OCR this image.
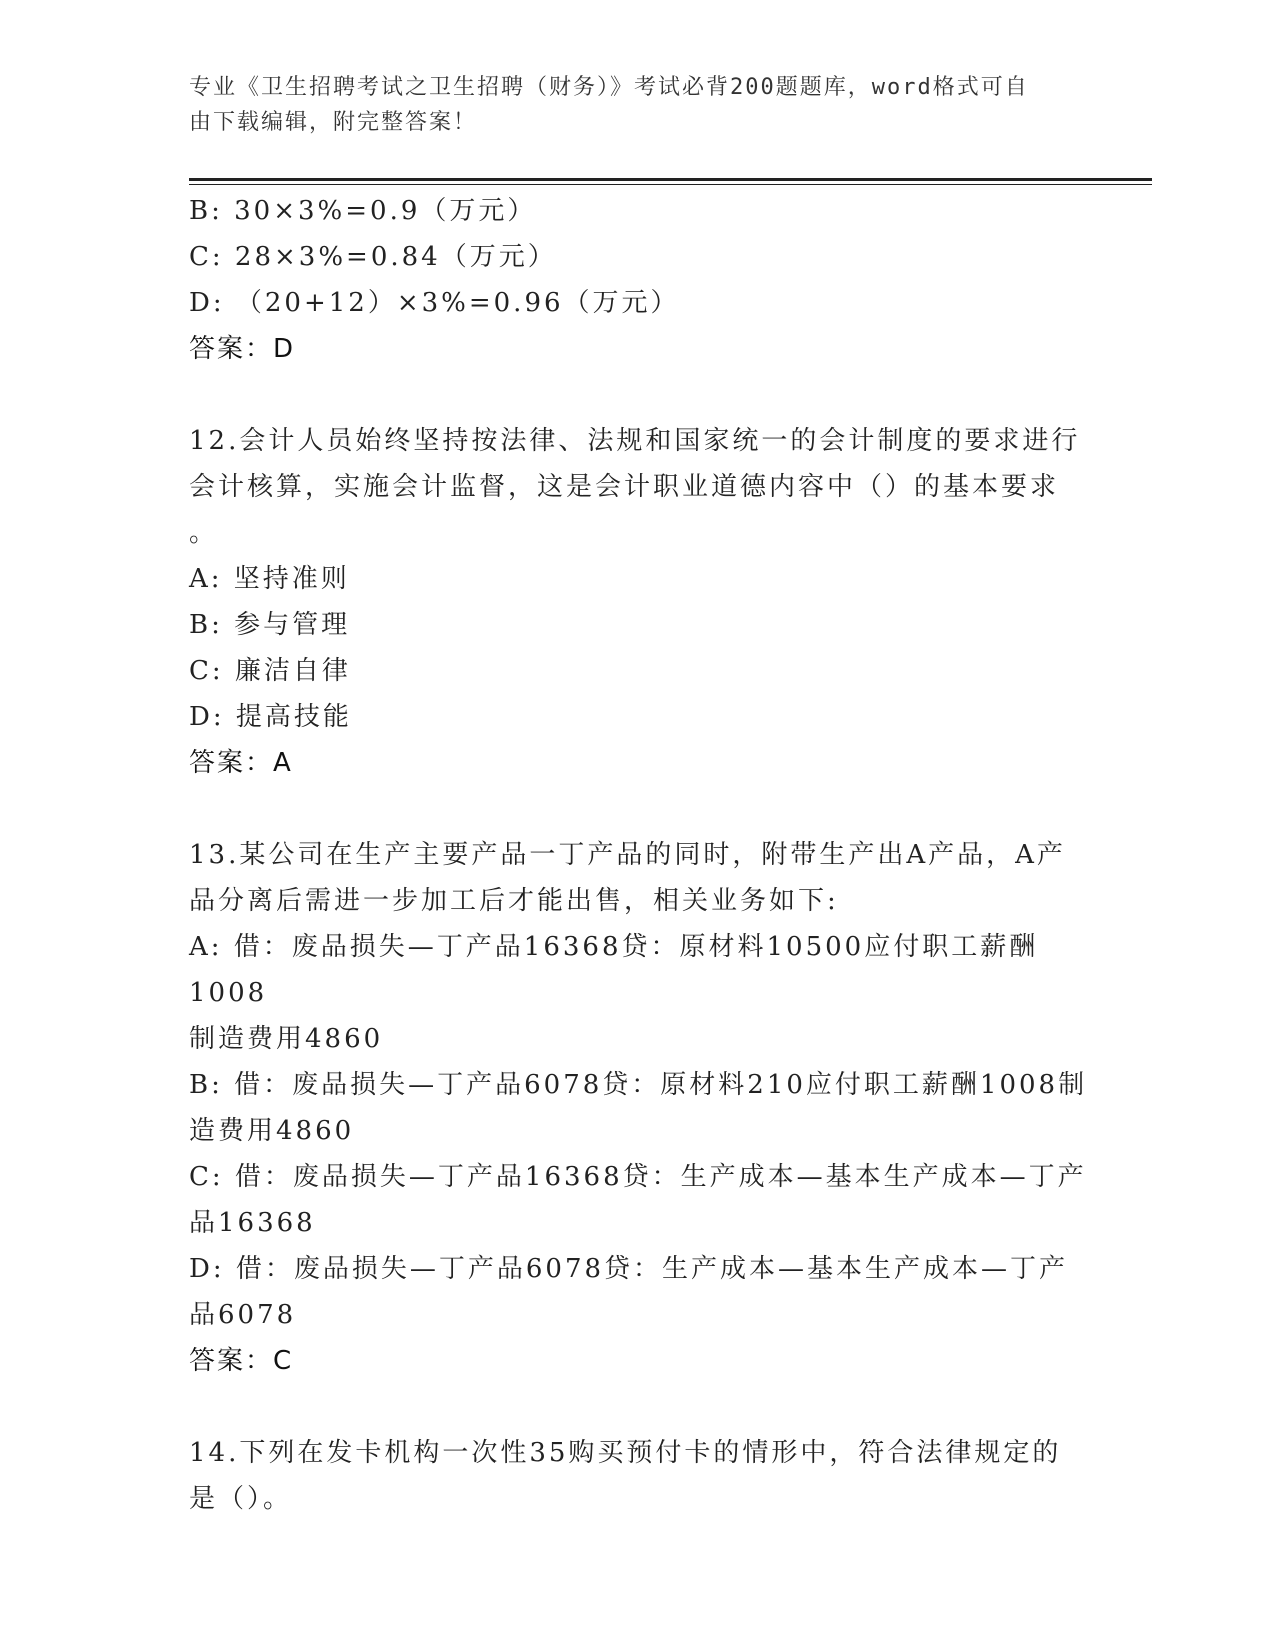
专业《卫生招聘考试之卫生招聘（财务）》考试必背200题题库，word格式可自
由下载编辑，附完整答案！
B: 30×3%=0.9（万元）
C: 28×3%=0.84（万元）
D: （20+12）×3%=0.96（万元）
答案：D
12.会计人员始终坚持按法律、法规和国家统一的会计制度的要求进行
会计核算，实施会计监督，这是会计职业道德内容中（）的基本要求
。
A: 坚持准则
B: 参与管理
C: 廉洁自律
D: 提高技能
答案：A
13.某公司在生产主要产品一丁产品的同时，附带生产出A产品，A产
品分离后需进一步加工后才能出售，相关业务如下:
A: 借：废品损失—丁产品16368贷：原材料10500应付职工薪酬1008
制造费用4860
B: 借：废品损失—丁产品6078贷：原材料210应付职工薪酬1008制
造费用4860
C: 借：废品损失—丁产品16368贷：生产成本—基本生产成本—丁产
品16368
D: 借：废品损失—丁产品6078贷：生产成本—基本生产成本—丁产
品6078
答案：C
14.下列在发卡机构一次性35购买预付卡的情形中，符合法律规定的
是（）。
